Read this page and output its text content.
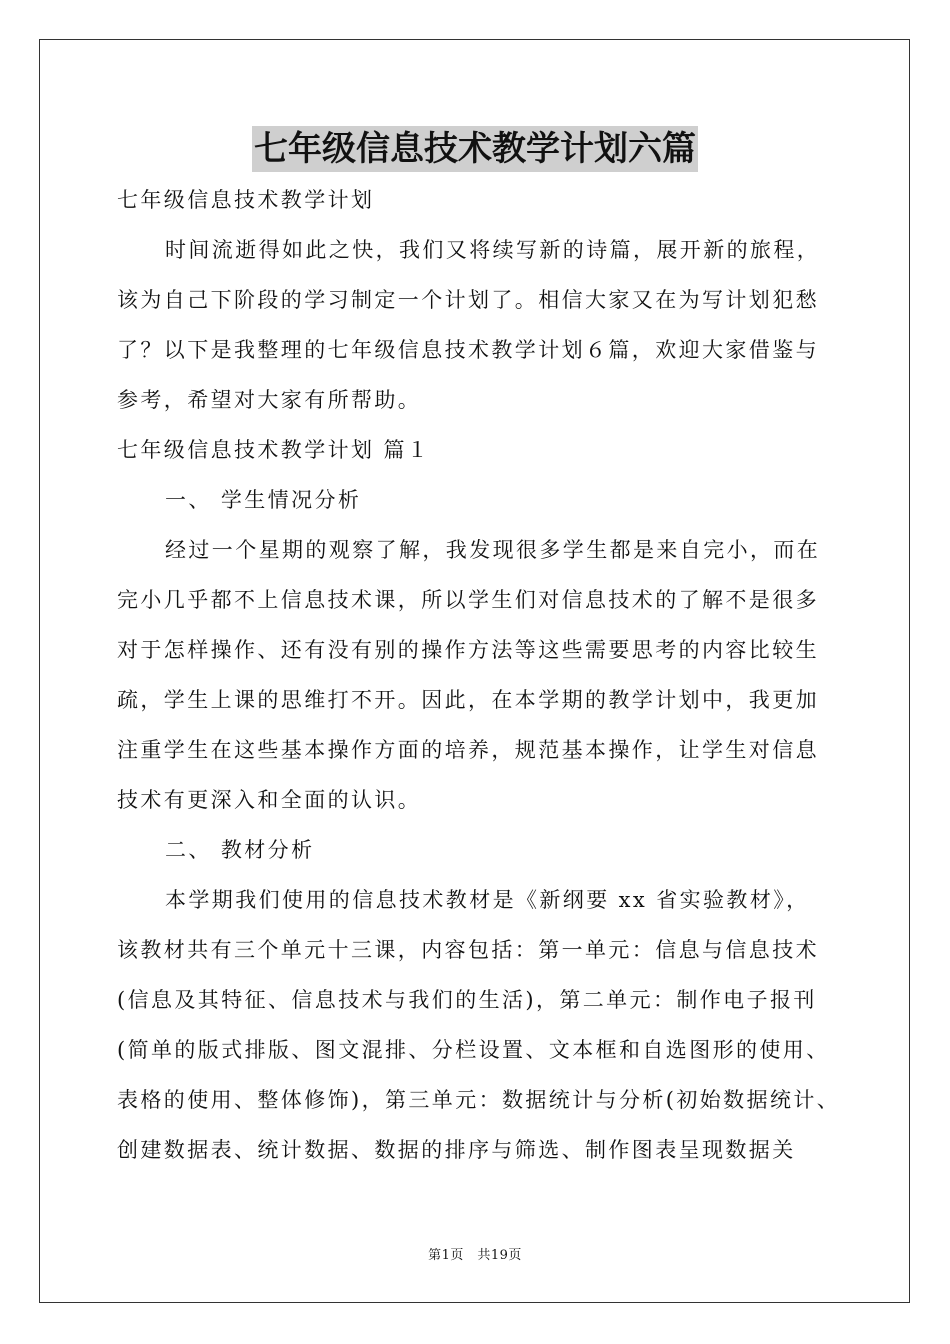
七年级信息技术教学计划六篇
七年级信息技术教学计划
时间流逝得如此之快，我们又将续写新的诗篇，展开新的旅程，
该为自己下阶段的学习制定一个计划了。相信大家又在为写计划犯愁
了？以下是我整理的七年级信息技术教学计划６篇，欢迎大家借鉴与
参考，希望对大家有所帮助。
七年级信息技术教学计划 篇１
一、 学生情况分析
经过一个星期的观察了解，我发现很多学生都是来自完小，而在
完小几乎都不上信息技术课，所以学生们对信息技术的了解不是很多
对于怎样操作、还有没有别的操作方法等这些需要思考的内容比较生
疏，学生上课的思维打不开。因此，在本学期的教学计划中，我更加
注重学生在这些基本操作方面的培养，规范基本操作，让学生对信息
技术有更深入和全面的认识。
二、 教材分析
本学期我们使用的信息技术教材是《新纲要 xx 省实验教材》，
该教材共有三个单元十三课，内容包括：第一单元：信息与信息技术
(信息及其特征、信息技术与我们的生活)，第二单元：制作电子报刊
(简单的版式排版、图文混排、分栏设置、文本框和自选图形的使用、
表格的使用、整体修饰)，第三单元：数据统计与分析(初始数据统计、
创建数据表、统计数据、数据的排序与筛选、制作图表呈现数据关
第1页　共19页
